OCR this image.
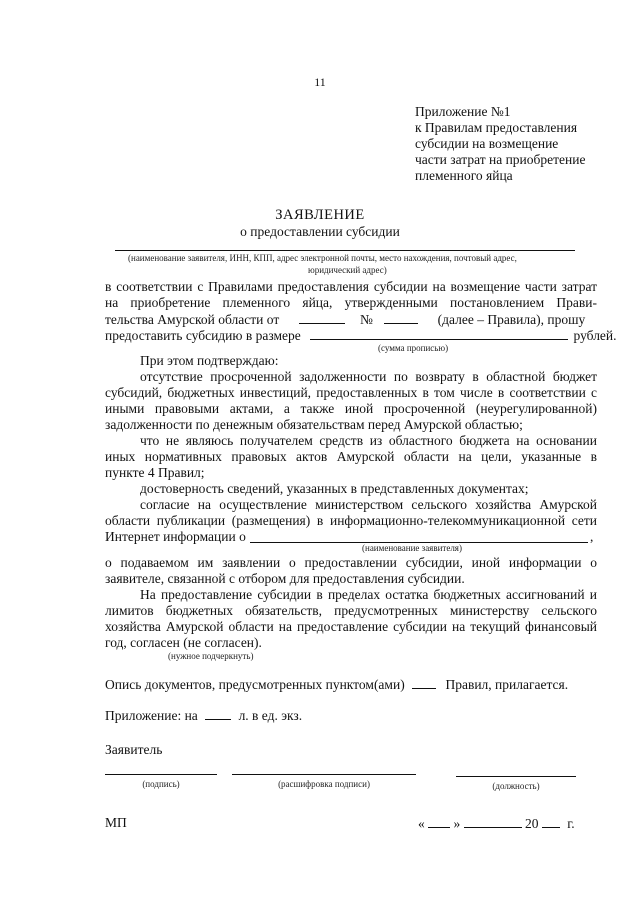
11
Приложение №1
к Правилам предоставления
субсидии на возмещение
части затрат на приобретение
племенного яйца
ЗАЯВЛЕНИЕ
о предоставлении субсидии
(наименование заявителя, ИНН, КПП, адрес электронной почты, место нахождения, почтовый адрес,
юридический адрес)
в соответствии с Правилами предоставления субсидии на возмещение части затрат
на приобретение племенного яйца, утвержденными постановлением Прави-
тельства Амурской области от	№	(далее – Правила), прошу
предоставить субсидию в размере	рублей.
(сумма прописью)
При этом подтверждаю:
отсутствие просроченной задолженности по возврату в областной бюджет
субсидий, бюджетных инвестиций, предоставленных в том числе в соответствии с
иными правовыми актами, а также иной просроченной (неурегулированной)
задолженности по денежным обязательствам перед Амурской областью;
что не являюсь получателем средств из областного бюджета на основании
иных нормативных правовых актов Амурской области на цели, указанные в
пункте 4 Правил;
достоверность сведений, указанных в представленных документах;
согласие на осуществление министерством сельского хозяйства Амурской
области публикации (размещения) в информационно-телекоммуникационной сети
Интернет информации о	,
(наименование заявителя)
о подаваемом им заявлении о предоставлении субсидии, иной информации о
заявителе, связанной с отбором для предоставления субсидии.
На предоставление субсидии в пределах остатка бюджетных ассигнований и
лимитов бюджетных обязательств, предусмотренных министерству сельского
хозяйства Амурской области на предоставление субсидии на текущий финансовый
год, согласен (не согласен).
(нужное подчеркнуть)
Опись документов, предусмотренных пунктом(ами)	Правил, прилагается.
Приложение: на	л. в ед. экз.
Заявитель
(подпись)	(расшифровка подписи)	(должность)
МП	« »	20 г.
